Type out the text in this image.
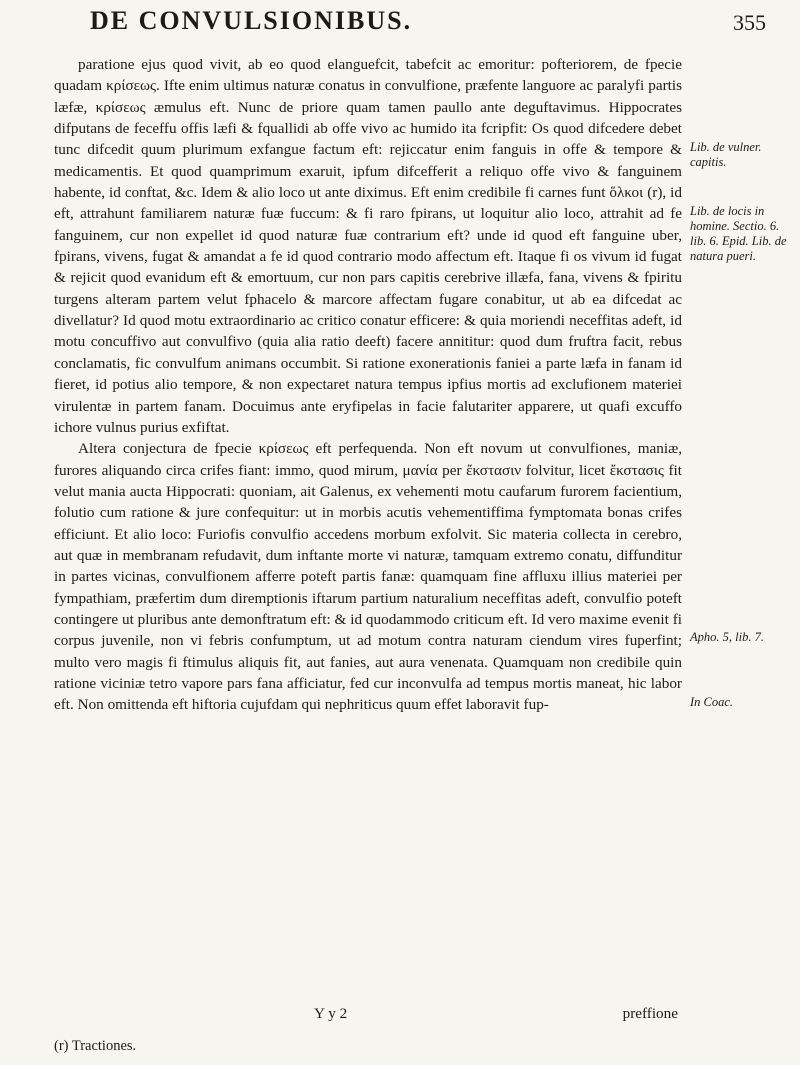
DE CONVULSIONIBUS.	355

paratione ejus quod vivit, ab eo quod elanguefcit, tabefcit ac emoritur: pofteriorem, de fpecie quadam κρίσεως. Ifte enim ultimus naturæ conatus in convulfione, præfente languore ac paralyfi partis læfæ, κρίσεως æmulus eft. Nunc de priore quam tamen paullo ante deguftavimus. Hippocrates difputans de feceffu offis læfi & fquallidi ab offe vivo ac humido ita fcripfit: Os quod difcedere debet tunc difcedit quum plurimum exfangue factum eft: rejiccatur enim fanguis in offe & tempore & medicamentis. Et quod quamprimum exaruit, ipfum difcefferit a reliquo offe vivo & fanguinem habente, id conftat, &c. Idem & alio loco ut ante diximus. Eft enim credibile fi carnes funt ὅλκοι (r), id eft, attrahunt familiarem naturæ fuæ fuccum: & fi raro fpirans, ut loquitur alio loco, attrahit ad fe fanguinem, cur non expellet id quod naturæ fuæ contrarium eft? unde id quod eft fanguine uber, fpirans, vivens, fugat & amandat a fe id quod contrario modo affectum eft. Itaque fi os vivum id fugat & rejicit quod evanidum eft & emortuum, cur non pars capitis cerebrive illæfa, fana, vivens & fpiritu turgens alteram partem velut fphacelo & marcore affectam fugare conabitur, ut ab ea difcedat ac divellatur? Id quod motu extraordinario ac critico conatur efficere: & quia moriendi neceffitas adeft, id motu concuffivo aut convulfivo (quia alia ratio deeft) facere annititur: quod dum fruftra facit, rebus conclamatis, fic convulfum animans occumbit. Si ratione exonerationis faniei a parte læfa in fanam id fieret, id potius alio tempore, & non expectaret natura tempus ipfius mortis ad exclufionem materiei virulentæ in partem fanam. Docuimus ante eryfipelas in facie falutariter apparere, ut quafi excuffo ichore vulnus purius exfiftat.

Altera conjectura de fpecie κρίσεως eft perfequenda. Non eft novum ut convulfiones, maniæ, furores aliquando circa crifes fiant: immo, quod mirum, μανία per ἔκστασιν folvitur, licet ἔκστασις fit velut mania aucta Hippocrati: quoniam, ait Galenus, ex vehementi motu caufarum furorem facientium, folutio cum ratione & jure confequitur: ut in morbis acutis vehementiffima fymptomata bonas crifes efficiunt. Et alio loco: Furiofis convulfio accedens morbum exfolvit. Sic materia collecta in cerebro, aut quæ in membranam refudavit, dum inftante morte vi naturæ, tamquam extremo conatu, diffunditur in partes vicinas, convulfionem afferre poteft partis fanæ: quamquam fine affluxu illius materiei per fympathiam, præfertim dum diremptionis iftarum partium naturalium neceffitas adeft, convulfio poteft contingere ut pluribus ante demonftratum eft: & id quodammodo criticum eft. Id vero maxime evenit fi corpus juvenile, non vi febris confumptum, ut ad motum contra naturam ciendum vires fuperfint; multo vero magis fi ftimulus aliquis fit, aut fanies, aut aura venenata. Quamquam non credibile quin ratione viciniæ tetro vapore pars fana afficiatur, fed cur inconvulfa ad tempus mortis maneat, hic labor eft. Non omittenda eft hiftoria cujufdam qui nephriticus quum effet laboravit fup-

Lib. de vulner. capitis.
Lib. de locis in homine. Sectio. 6. lib. 6. Epid. Lib. de natura pueri.
Apho. 5, lib. 7.
In Coac.
Y y 2	preffione
(r) Tractiones.
